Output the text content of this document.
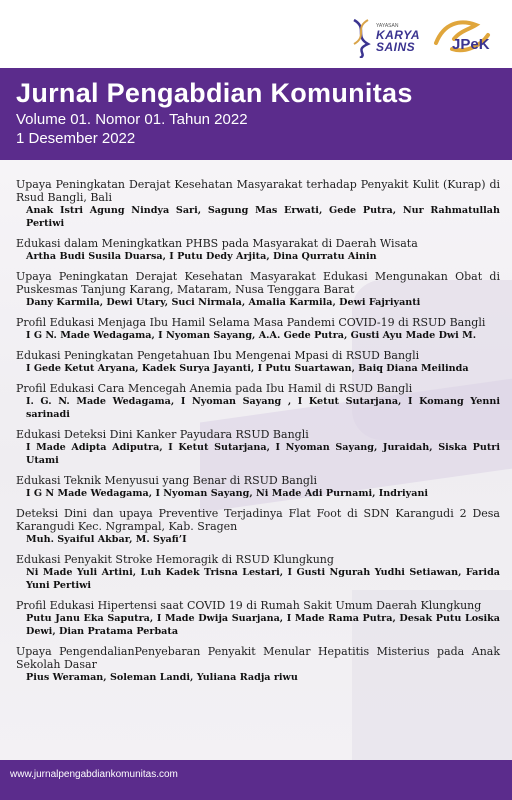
YAYASAN
KARYA
SAINS	JPeK
Jurnal Pengabdian Komunitas
Volume 01. Nomor 01. Tahun 2022
1 Desember 2022
Upaya Peningkatan Derajat Kesehatan Masyarakat terhadap Penyakit Kulit (Kurap) di Rsud Bangli, Bali
Anak Istri Agung Nindya Sari, Sagung Mas Erwati, Gede Putra, Nur Rahmatullah Pertiwi
Edukasi dalam Meningkatkan PHBS pada Masyarakat di Daerah Wisata
Artha Budi Susila Duarsa, I Putu Dedy Arjita, Dina Qurratu Ainin
Upaya Peningkatan Derajat Kesehatan Masyarakat Edukasi Mengunakan Obat di Puskesmas Tanjung Karang, Mataram, Nusa Tenggara Barat
Dany Karmila, Dewi Utary, Suci Nirmala, Amalia Karmila, Dewi Fajriyanti
Profil Edukasi Menjaga Ibu Hamil Selama Masa Pandemi COVID-19 di RSUD Bangli
I G N. Made Wedagama, I Nyoman Sayang, A.A. Gede Putra, Gusti Ayu Made Dwi M.
Edukasi Peningkatan Pengetahuan Ibu Mengenai Mpasi di RSUD Bangli
I Gede Ketut Aryana, Kadek Surya Jayanti, I Putu Suartawan, Baiq Diana Meilinda
Profil Edukasi Cara Mencegah Anemia pada Ibu Hamil di RSUD Bangli
I. G. N. Made Wedagama, I Nyoman Sayang , I Ketut Sutarjana, I Komang Yenni sarinadi
Edukasi Deteksi Dini Kanker Payudara RSUD Bangli
I Made Adipta Adiputra, I Ketut Sutarjana, I Nyoman Sayang, Juraidah, Siska Putri Utami
Edukasi Teknik Menyusui yang Benar di RSUD Bangli
I G N Made Wedagama, I Nyoman Sayang, Ni Made Adi Purnami, Indriyani
Deteksi Dini dan upaya Preventive Terjadinya Flat Foot di SDN Karangudi 2 Desa Karangudi Kec. Ngrampal, Kab. Sragen
Muh. Syaiful Akbar, M. Syafi’I
Edukasi Penyakit Stroke Hemoragik di RSUD Klungkung
Ni Made Yuli Artini, Luh Kadek Trisna Lestari, I Gusti Ngurah Yudhi Setiawan, Farida Yuni Pertiwi
Profil Edukasi Hipertensi saat COVID 19 di Rumah Sakit Umum Daerah Klungkung
Putu Janu Eka Saputra, I Made Dwija Suarjana, I Made Rama Putra, Desak Putu Losika Dewi, Dian Pratama Perbata
Upaya PengendalianPenyebaran Penyakit Menular Hepatitis Misterius pada Anak Sekolah Dasar
Pius Weraman, Soleman Landi, Yuliana Radja riwu
www.jurnalpengabdiankomunitas.com
